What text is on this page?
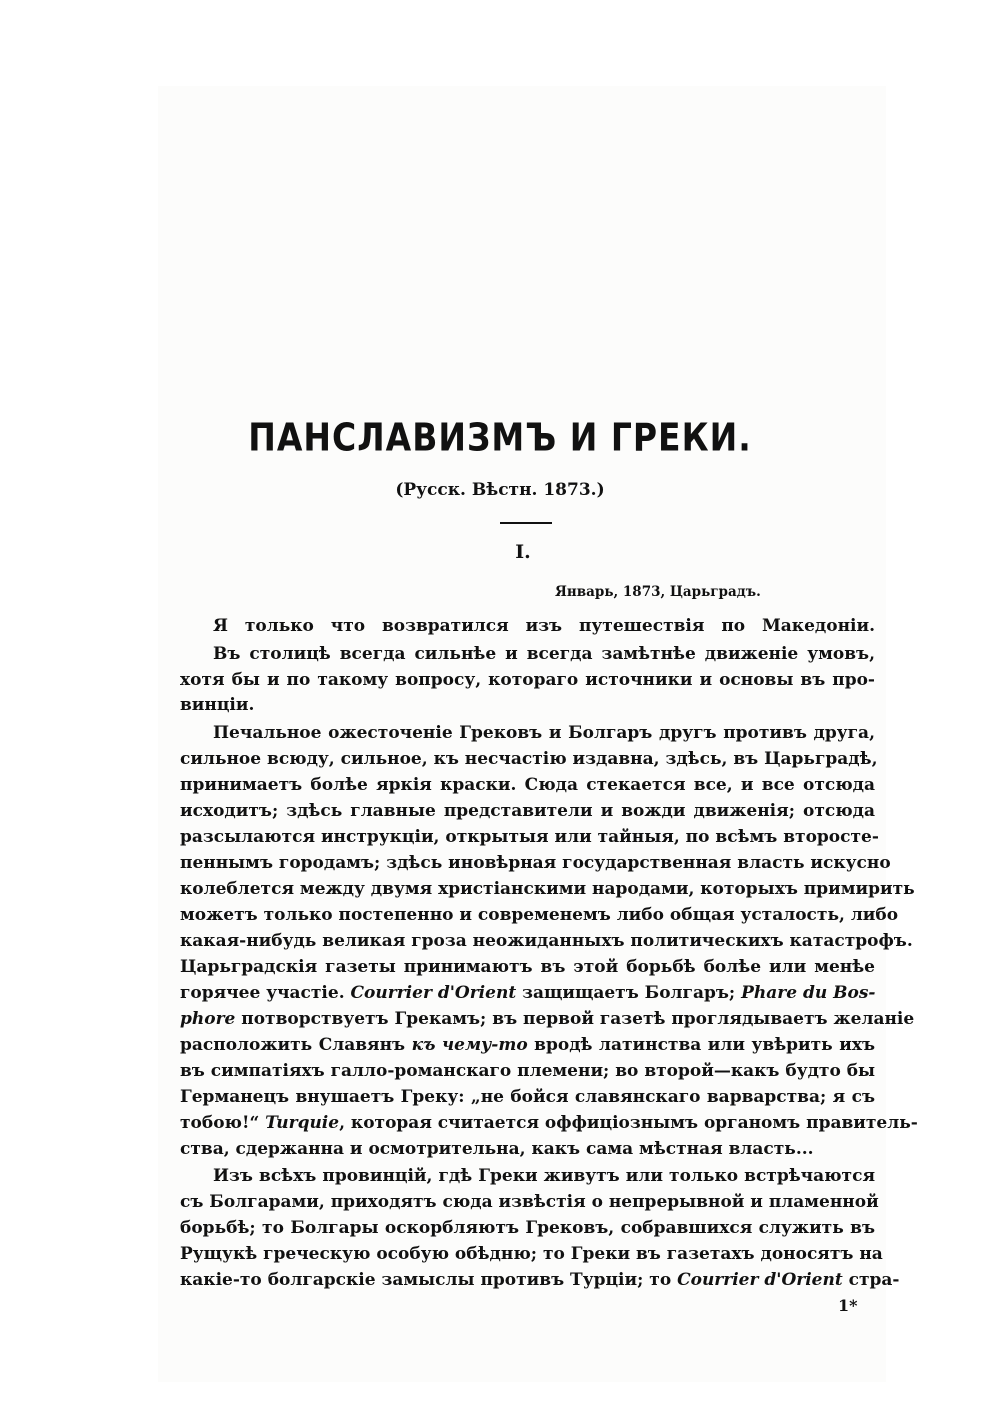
ПАНСЛАВИЗМЪ И ГРЕКИ.
(Русск. Вѣстн. 1873.)
I.
Январь, 1873, Царьградъ.
Я только что возвратился изъ путешествія по Македоніи.
Въ столицѣ всегда сильнѣе и всегда замѣтнѣе движеніе умовъ,
хотя бы и по такому вопросу, котораго источники и основы въ про-
винціи.
Печальное ожесточеніе Грековъ и Болгаръ другъ противъ друга,
сильное всюду, сильное, къ несчастію издавна, здѣсь, въ Царьградѣ,
принимаетъ болѣе яркія краски. Сюда стекается все, и все отсюда
исходитъ; здѣсь главные представители и вожди движенія; отсюда
разсылаются инструкціи, открытыя или тайныя, по всѣмъ второсте-
пеннымъ городамъ; здѣсь иновѣрная государственная власть искусно
колеблется между двумя христіанскими народами, которыхъ примирить
можетъ только постепенно и современемъ либо общая усталость, либо
какая-нибудь великая гроза неожиданныхъ политическихъ катастрофъ.
Царьградскія газеты принимаютъ въ этой борьбѣ болѣе или менѣе
горячее участіе. Courrier d'Orient защищаетъ Болгаръ; Phare du Bos-
phore потворствуетъ Грекамъ; въ первой газетѣ проглядываетъ желаніе
расположить Славянъ къ чему-то вродѣ латинства или увѣрить ихъ
въ симпатіяхъ галло-романскаго племени; во второй—какъ будто бы
Германецъ внушаетъ Греку: „не бойся славянскаго варварства; я съ
тобою!“ Turquie, которая считается оффиціознымъ органомъ правитель-
ства, сдержанна и осмотрительна, какъ сама мѣстная власть...
Изъ всѣхъ провинцій, гдѣ Греки живутъ или только встрѣчаются
съ Болгарами, приходятъ сюда извѣстія о непрерывной и пламенной
борьбѣ; то Болгары оскорбляютъ Грековъ, собравшихся служить въ
Рущукѣ греческую особую обѣдню; то Греки въ газетахъ доносятъ на
какіе-то болгарскіе замыслы противъ Турціи; то Courrier d'Orient стра-
1*
